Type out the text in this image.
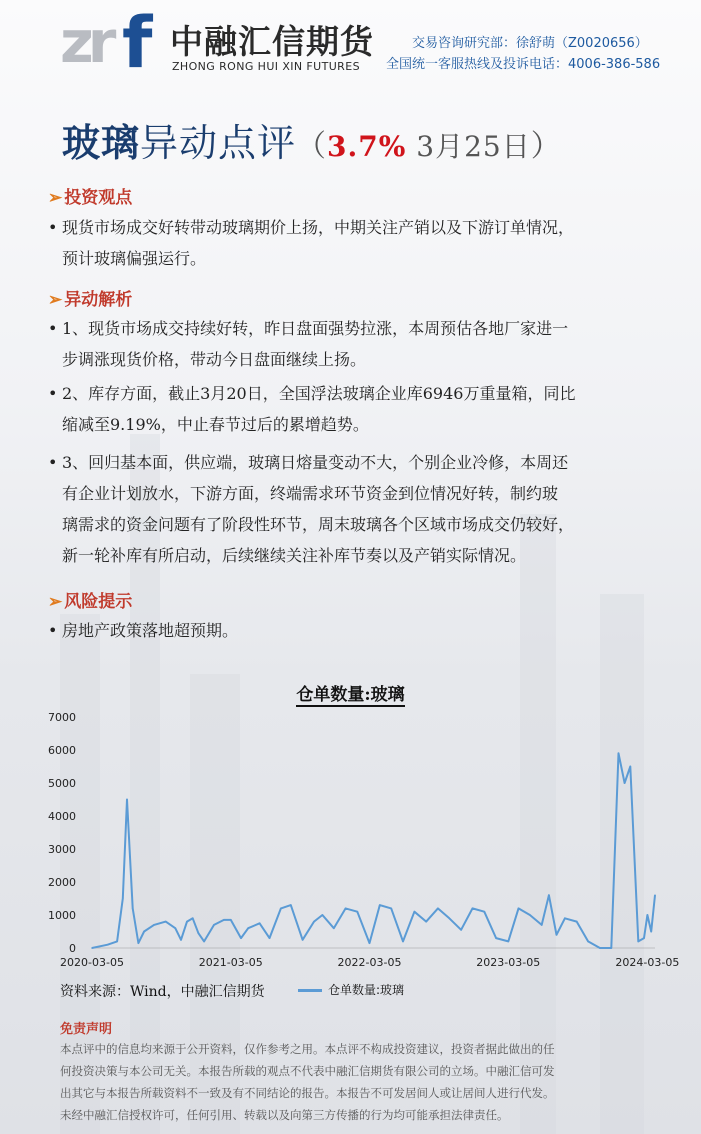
zr f 中融汇信期货
ZHONG RONG HUI XIN FUTURES
交易咨询研究部：徐舒萌（Z0020656）
全国统一客服热线及投诉电话：4006-386-586
玻璃异动点评（3.7% 3月25日）
➢ 投资观点
• 现货市场成交好转带动玻璃期价上扬，中期关注产销以及下游订单情况，
预计玻璃偏强运行。
➢ 异动解析
• 1、现货市场成交持续好转，昨日盘面强势拉涨，本周预估各地厂家进一
步调涨现货价格，带动今日盘面继续上扬。
• 2、库存方面，截止3月20日，全国浮法玻璃企业库6946万重量箱，同比
缩减至9.19%，中止春节过后的累增趋势。
• 3、回归基本面，供应端，玻璃日熔量变动不大，个别企业冷修，本周还
有企业计划放水，下游方面，终端需求环节资金到位情况好转，制约玻
璃需求的资金问题有了阶段性环节，周末玻璃各个区域市场成交仍较好，
新一轮补库有所启动，后续继续关注补库节奏以及产销实际情况。
➢ 风险提示
• 房地产政策落地超预期。
仓单数量:玻璃
0
1000
2000
3000
4000
5000
6000
7000
2020-03-05	2021-03-05	2022-03-05	2023-03-05	2024-03-05
资料来源：Wind，中融汇信期货	仓单数量:玻璃
免责声明
本点评中的信息均来源于公开资料，仅作参考之用。本点评不构成投资建议，投资者据此做出的任
何投资决策与本公司无关。本报告所载的观点不代表中融汇信期货有限公司的立场。中融汇信可发
出其它与本报告所载资料不一致及有不同结论的报告。本报告不可发居间人或让居间人进行代发。
未经中融汇信授权许可，任何引用、转载以及向第三方传播的行为均可能承担法律责任。
